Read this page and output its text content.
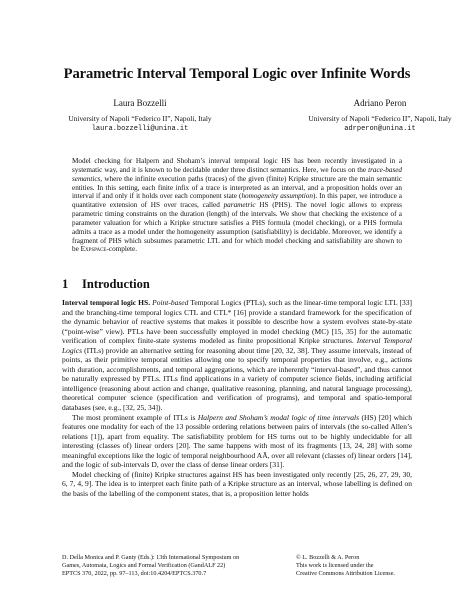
Parametric Interval Temporal Logic over Infinite Words
Laura Bozzelli
University of Napoli “Federico II”, Napoli, Italy
laura.bozzelli@unina.it
Adriano Peron
University of Napoli “Federico II”, Napoli, Italy
adrperon@unina.it

Model checking for Halpern and Shoham’s interval temporal logic HS has been recently investigated in a systematic way, and it is known to be decidable under three distinct semantics. Here, we focus on the trace-based semantics, where the infinite execution paths (traces) of the given (finite) Kripke structure are the main semantic entities. In this setting, each finite infix of a trace is interpreted as an interval, and a proposition holds over an interval if and only if it holds over each component state (homogeneity assumption). In this paper, we introduce a quantitative extension of HS over traces, called parametric HS (PHS). The novel logic allows to express parametric timing constraints on the duration (length) of the intervals. We show that checking the existence of a parameter valuation for which a Kripke structure satisfies a PHS formula (model checking), or a PHS formula admits a trace as a model under the homogeneity assumption (satisfiability) is decidable. Moreover, we identify a fragment of PHS which subsumes parametric LTL and for which model checking and satisfiability are shown to be Expspace-complete.

1 Introduction

Interval temporal logic HS. Point-based Temporal Logics (PTLs), such as the linear-time temporal logic LTL [33] and the branching-time temporal logics CTL and CTL* [16] provide a standard framework for the specification of the dynamic behavior of reactive systems that makes it possible to describe how a system evolves state-by-state (“point-wise” view). PTLs have been successfully employed in model checking (MC) [15, 35] for the automatic verification of complex finite-state systems modeled as finite propositional Kripke structures. Interval Temporal Logics (ITLs) provide an alternative setting for reasoning about time [20, 32, 38]. They assume intervals, instead of points, as their primitive temporal entities allowing one to specify temporal properties that involve, e.g., actions with duration, accomplishments, and temporal aggregations, which are inherently “interval-based”, and thus cannot be naturally expressed by PTLs. ITLs find applications in a variety of computer science fields, including artificial intelligence (reasoning about action and change, qualitative reasoning, planning, and natural language processing), theoretical computer science (specification and verification of programs), and temporal and spatio-temporal databases (see, e.g., [32, 25, 34]).

The most prominent example of ITLs is Halpern and Shoham’s modal logic of time intervals (HS) [20] which features one modality for each of the 13 possible ordering relations between pairs of intervals (the so-called Allen’s relations [1]), apart from equality. The satisfiability problem for HS turns out to be highly undecidable for all interesting (classes of) linear orders [20]. The same happens with most of its fragments [13, 24, 28] with some meaningful exceptions like the logic of temporal neighbourhood AĀ, over all relevant (classes of) linear orders [14], and the logic of sub-intervals D, over the class of dense linear orders [31].

Model checking of (finite) Kripke structures against HS has been investigated only recently [25, 26, 27, 29, 30, 6, 7, 4, 9]. The idea is to interpret each finite path of a Kripke structure as an interval, whose labelling is defined on the basis of the labelling of the component states, that is, a proposition letter holds

D. Della Monica and P. Ganty (Eds.): 13th International Symposium on
Games, Automata, Logics and Formal Verification (GandALF 22)
EPTCS 370, 2022, pp. 97–113, doi:10.4204/EPTCS.370.7
© L. Bozzelli & A. Peron
This work is licensed under the
Creative Commons Attribution License.
